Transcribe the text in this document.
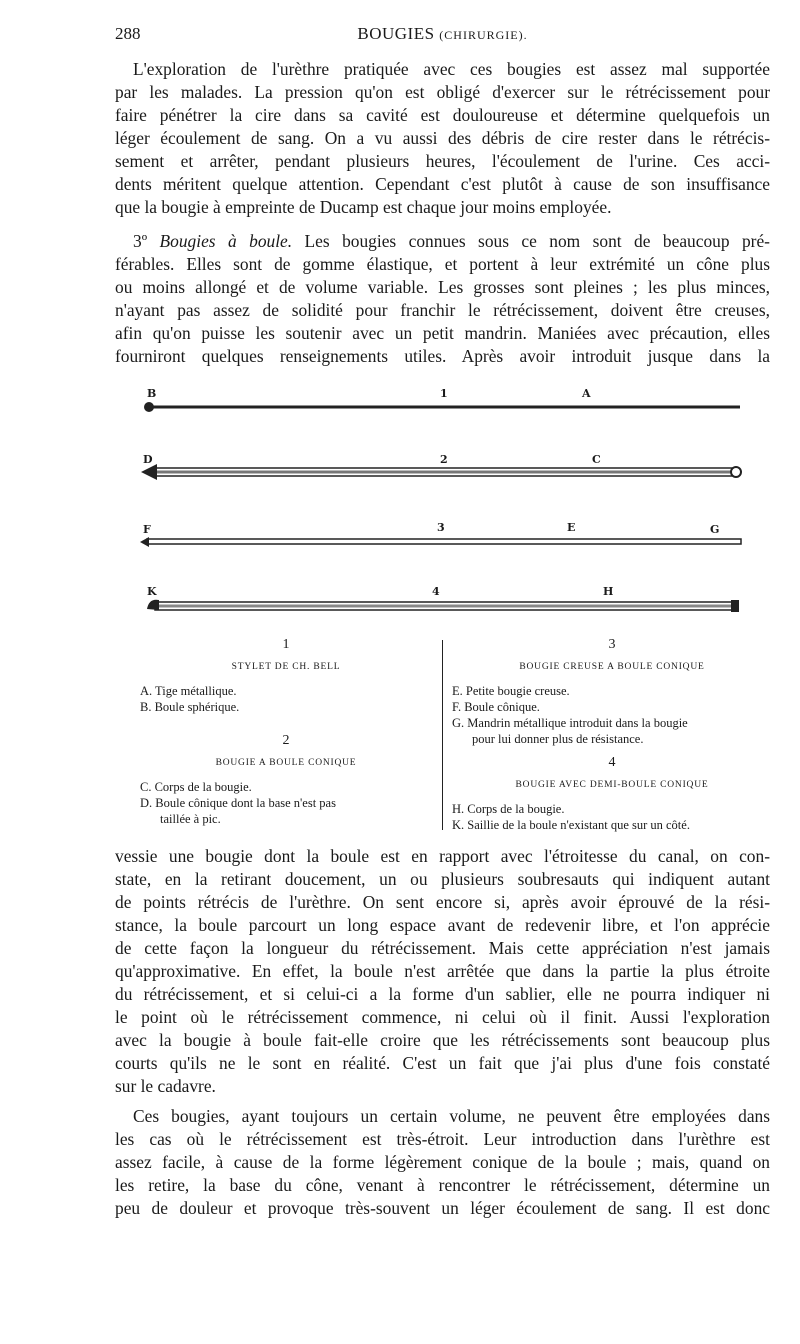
288	BOUGIES (CHIRURGIE).
L'exploration de l'urèthre pratiquée avec ces bougies est assez mal supportée
par les malades. La pression qu'on est obligé d'exercer sur le rétrécissement pour
faire pénétrer la cire dans sa cavité est douloureuse et détermine quelquefois un
léger écoulement de sang. On a vu aussi des débris de cire rester dans le rétrécis-
sement et arrêter, pendant plusieurs heures, l'écoulement de l'urine. Ces acci-
dents méritent quelque attention. Cependant c'est plutôt à cause de son insuffisance
que la bougie à empreinte de Ducamp est chaque jour moins employée.
3º Bougies à boule. Les bougies connues sous ce nom sont de beaucoup pré-
férables. Elles sont de gomme élastique, et portent à leur extrémité un cône plus
ou moins allongé et de volume variable. Les grosses sont pleines ; les plus minces,
n'ayant pas assez de solidité pour franchir le rétrécissement, doivent être creuses,
afin qu'on puisse les soutenir avec un petit mandrin. Maniées avec précaution, elles
fourniront quelques renseignements utiles. Après avoir introduit jusque dans la
B	1	A
D	2	C
F	3	E	G
K	4	H

1

STYLET DE CH. BELL

A. Tige métallique.

B. Boule sphérique.

2

BOUGIE A BOULE CONIQUE

C. Corps de la bougie.

D. Boule cônique dont la base n'est pas

taillée à pic.

3

BOUGIE CREUSE A BOULE CONIQUE

E. Petite bougie creuse.

F. Boule cônique.

G. Mandrin métallique introduit dans la bougie

pour lui donner plus de résistance.

4

BOUGIE AVEC DEMI-BOULE CONIQUE

H. Corps de la bougie.

K. Saillie de la boule n'existant que sur un côté.

vessie une bougie dont la boule est en rapport avec l'étroitesse du canal, on con-
state, en la retirant doucement, un ou plusieurs soubresauts qui indiquent autant
de points rétrécis de l'urèthre. On sent encore si, après avoir éprouvé de la rési-
stance, la boule parcourt un long espace avant de redevenir libre, et l'on apprécie
de cette façon la longueur du rétrécissement. Mais cette appréciation n'est jamais
qu'approximative. En effet, la boule n'est arrêtée que dans la partie la plus étroite
du rétrécissement, et si celui-ci a la forme d'un sablier, elle ne pourra indiquer ni
le point où le rétrécissement commence, ni celui où il finit. Aussi l'exploration
avec la bougie à boule fait-elle croire que les rétrécissements sont beaucoup plus
courts qu'ils ne le sont en réalité. C'est un fait que j'ai plus d'une fois constaté
sur le cadavre.
Ces bougies, ayant toujours un certain volume, ne peuvent être employées dans
les cas où le rétrécissement est très-étroit. Leur introduction dans l'urèthre est
assez facile, à cause de la forme légèrement conique de la boule ; mais, quand on
les retire, la base du cône, venant à rencontrer le rétrécissement, détermine un
peu de douleur et provoque très-souvent un léger écoulement de sang. Il est donc
